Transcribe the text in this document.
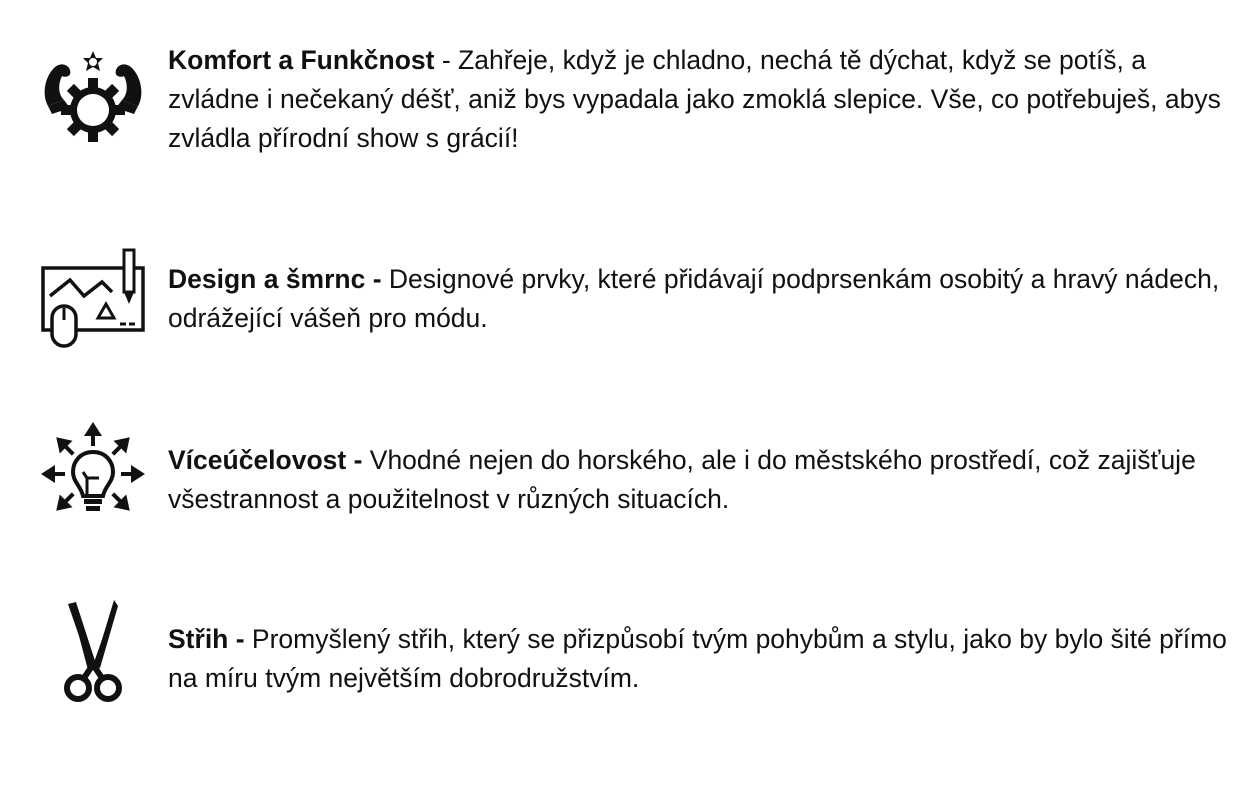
Komfort a Funkčnost - Zahřeje, když je chladno, nechá tě dýchat, když se potíš, a zvládne i nečekaný déšť, aniž bys vypadala jako zmoklá slepice. Vše, co potřebuješ, abys zvládla přírodní show s grácií!

Design a šmrnc - Designové prvky, které přidávají podprsenkám osobitý a hravý nádech, odrážející vášeň pro módu.

Víceúčelovost - Vhodné nejen do horského, ale i do městského prostředí, což zajišťuje všestrannost a použitelnost v různých situacích.

Střih - Promyšlený střih, který se přizpůsobí tvým pohybům a stylu, jako by bylo šité přímo na míru tvým největším dobrodružstvím.
